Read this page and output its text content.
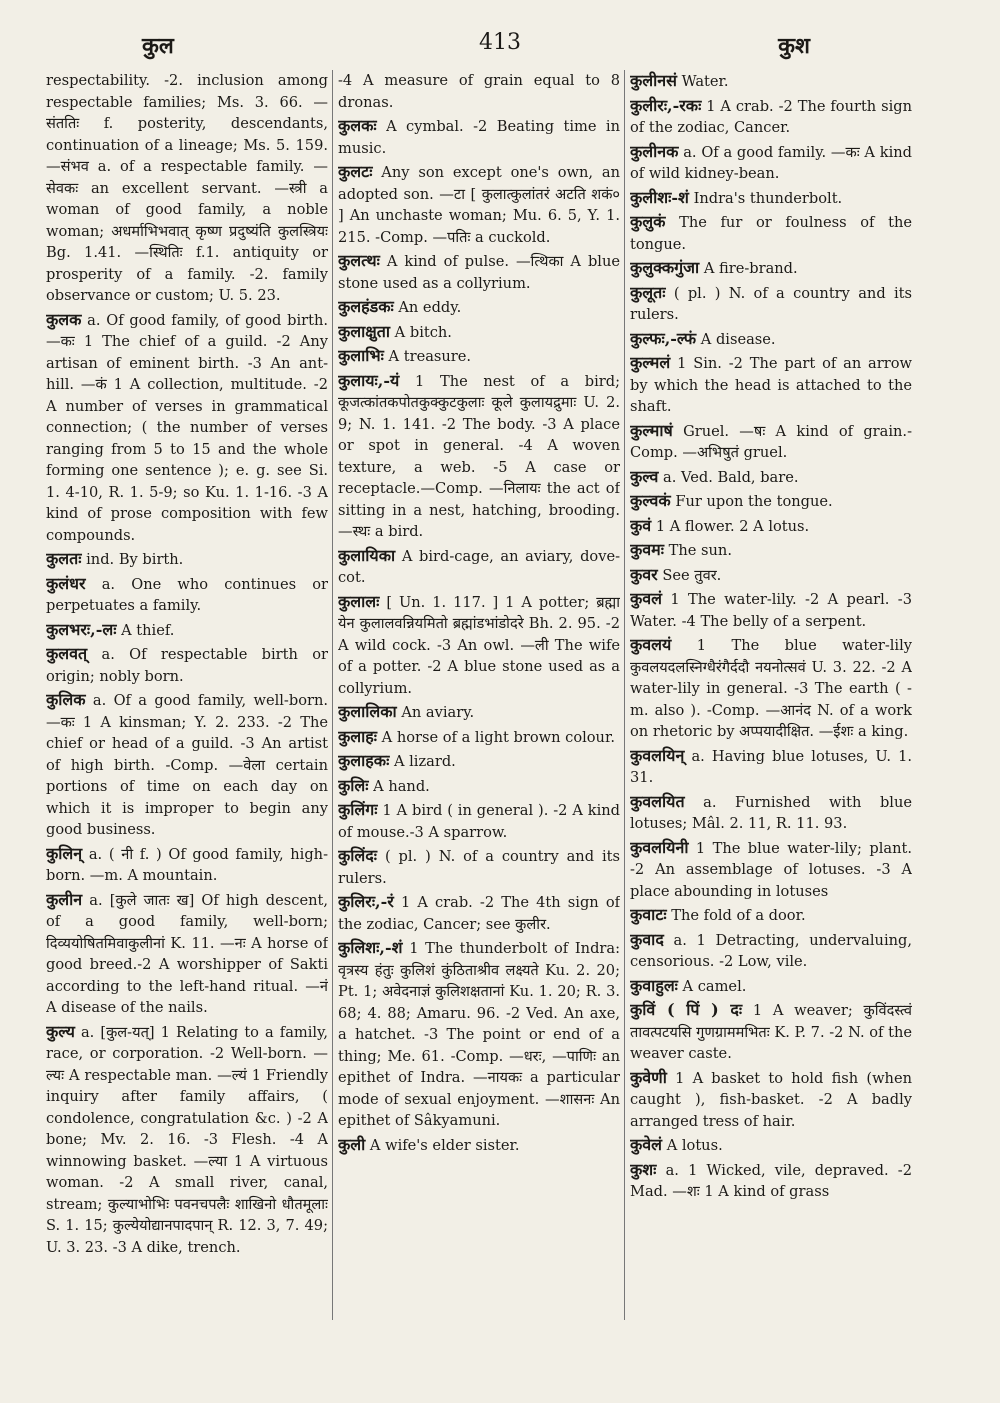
कुल	413	कुश
respectability. -2. inclusion among respectable families; Ms. 3. 66. —संततिः f. posterity, descendants, continuation of a lineage; Ms. 5. 159. —संभव a. of a respectable family. —सेवकः an excellent servant. —स्त्री a woman of good family, a noble woman; अधर्माभिभवात् कृष्ण प्रदुष्यंति कुलस्त्रियः Bg. 1.41. —स्थितिः f.1. antiquity or prosperity of a family. -2. family observance or custom; U. 5. 23.
कुलक a. Of good family, of good birth. —कः 1 The chief of a guild. -2 Any artisan of eminent birth. -3 An ant-hill. —कं 1 A collection, multitude. -2 A number of verses in grammatical connection; ( the number of verses ranging from 5 to 15 and the whole forming one sentence ); e. g. see Si. 1. 4-10, R. 1. 5-9; so Ku. 1. 1-16. -3 A kind of prose composition with few compounds.
कुलतः ind. By birth.
कुलंधर a. One who continues or perpetuates a family.
कुलभरः,-लः A thief.
कुलवत् a. Of respectable birth or origin; nobly born.
कुलिक a. Of a good family, well-born. —कः 1 A kinsman; Y. 2. 233. -2 The chief or head of a guild. -3 An artist of high birth. -Comp. —वेला certain portions of time on each day on which it is improper to begin any good business.
कुलिन् a. ( नी f. ) Of good family, high-born. —m. A mountain.
कुलीन a. [कुले जातः ख] Of high descent, of a good family, well-born; दिव्ययोषितमिवाकुलीनां K. 11. —नः A horse of good breed.-2 A worshipper of Sakti according to the left-hand ritual. —नं A disease of the nails.
कुल्य a. [कुल-यत्] 1 Relating to a family, race, or corporation. -2 Well-born. —ल्यः A respectable man. —ल्यं 1 Friendly inquiry after family affairs, ( condolence, congratulation &c. ) -2 A bone; Mv. 2. 16. -3 Flesh. -4 A winnowing basket. —ल्या 1 A virtuous woman. -2 A small river, canal, stream; कुल्याभोभिः पवनचपलैः शाखिनो धौतमूलाः S. 1. 15; कुल्येयोद्यानपादपान् R. 12. 3, 7. 49; U. 3. 23. -3 A dike, trench.
-4 A measure of grain equal to 8 dronas.
कुलकः A cymbal. -2 Beating time in music.
कुलटः Any son except one's own, an adopted son. —टा [ कुलात्कुलांतरं अटति शकं० ] An unchaste woman; Mu. 6. 5, Y. 1. 215. -Comp. —पतिः a cuckold.
कुलत्थः A kind of pulse. —त्थिका A blue stone used as a collyrium.
कुलहंडकः An eddy.
कुलाक्षुता A bitch.
कुलाभिः A treasure.
कुलायः,-यं 1 The nest of a bird; कूजत्कांतकपोतकुक्कुटकुलाः कूले कुलायद्रुमाः U. 2. 9; N. 1. 141. -2 The body. -3 A place or spot in general. -4 A woven texture, a web. -5 A case or receptacle.—Comp. —निलायः the act of sitting in a nest, hatching, brooding. —स्थः a bird.
कुलायिका A bird-cage, an aviary, dove-cot.
कुलालः [ Un. 1. 117. ] 1 A potter; ब्रह्मा येन कुलालवन्नियमितो ब्रह्मांडभांडोदरे Bh. 2. 95. -2 A wild cock. -3 An owl. —ली The wife of a potter. -2 A blue stone used as a collyrium.
कुलालिका An aviary.
कुलाहः A horse of a light brown colour.
कुलाहकः A lizard.
कुलिः A hand.
कुलिंगः 1 A bird ( in general ). -2 A kind of mouse.-3 A sparrow.
कुलिंदः ( pl. ) N. of a country and its rulers.
कुलिरः,-रं 1 A crab. -2 The 4th sign of the zodiac, Cancer; see कुलीर.
कुलिशः,-शं 1 The thunderbolt of Indra: वृत्रस्य हंतुः कुलिशं कुंठिताश्रीव लक्ष्यते Ku. 2. 20; Pt. 1; अवेदनाज्ञं कुलिशक्षतानां Ku. 1. 20; R. 3. 68; 4. 88; Amaru. 96. -2 Ved. An axe, a hatchet. -3 The point or end of a thing; Me. 61. -Comp. —धरः, —पाणिः an epithet of Indra. —नायकः a particular mode of sexual enjoyment. —शासनः An epithet of Sâkyamuni.
कुली A wife's elder sister.
कुलीनसं Water.
कुलीरः,-रकः 1 A crab. -2 The fourth sign of the zodiac, Cancer.
कुलीनक a. Of a good family. —कः A kind of wild kidney-bean.
कुलीशः-शं Indra's thunderbolt.
कुलुकं The fur or foulness of the tongue.
कुलुक्कगुंजा A fire-brand.
कुलूतः ( pl. ) N. of a country and its rulers.
कुल्फः,-ल्फं A disease.
कुल्मलं 1 Sin. -2 The part of an arrow by which the head is attached to the shaft.
कुल्माषं Gruel. —षः A kind of grain.-Comp. —अभिषुतं gruel.
कुल्व a. Ved. Bald, bare.
कुल्वकं Fur upon the tongue.
कुवं 1 A flower. 2 A lotus.
कुवमः The sun.
कुवर See तुवर.
कुवलं 1 The water-lily. -2 A pearl. -3 Water. -4 The belly of a serpent.
कुवलयं 1 The blue water-lily कुवलयदलस्निग्धैरंगैर्ददौ नयनोत्सवं U. 3. 22. -2 A water-lily in general. -3 The earth ( -m. also ). -Comp. —आनंद N. of a work on rhetoric by अप्पयादीक्षित. —ईशः a king.
कुवलयिन् a. Having blue lotuses, U. 1. 31.
कुवलयित a. Furnished with blue lotuses; Mâl. 2. 11, R. 11. 93.
कुवलयिनी 1 The blue water-lily; plant. -2 An assemblage of lotuses. -3 A place abounding in lotuses
कुवाटः The fold of a door.
कुवाद a. 1 Detracting, undervaluing, censorious. -2 Low, vile.
कुवाहुलः A camel.
कुविं ( पिं ) दः 1 A weaver; कुविंदस्त्वं तावत्पटयसि गुणग्राममभितः K. P. 7. -2 N. of the weaver caste.
कुवेणी 1 A basket to hold fish (when caught ), fish-basket. -2 A badly arranged tress of hair.
कुवेलं A lotus.
कुशः a. 1 Wicked, vile, depraved. -2 Mad. —शः 1 A kind of grass
